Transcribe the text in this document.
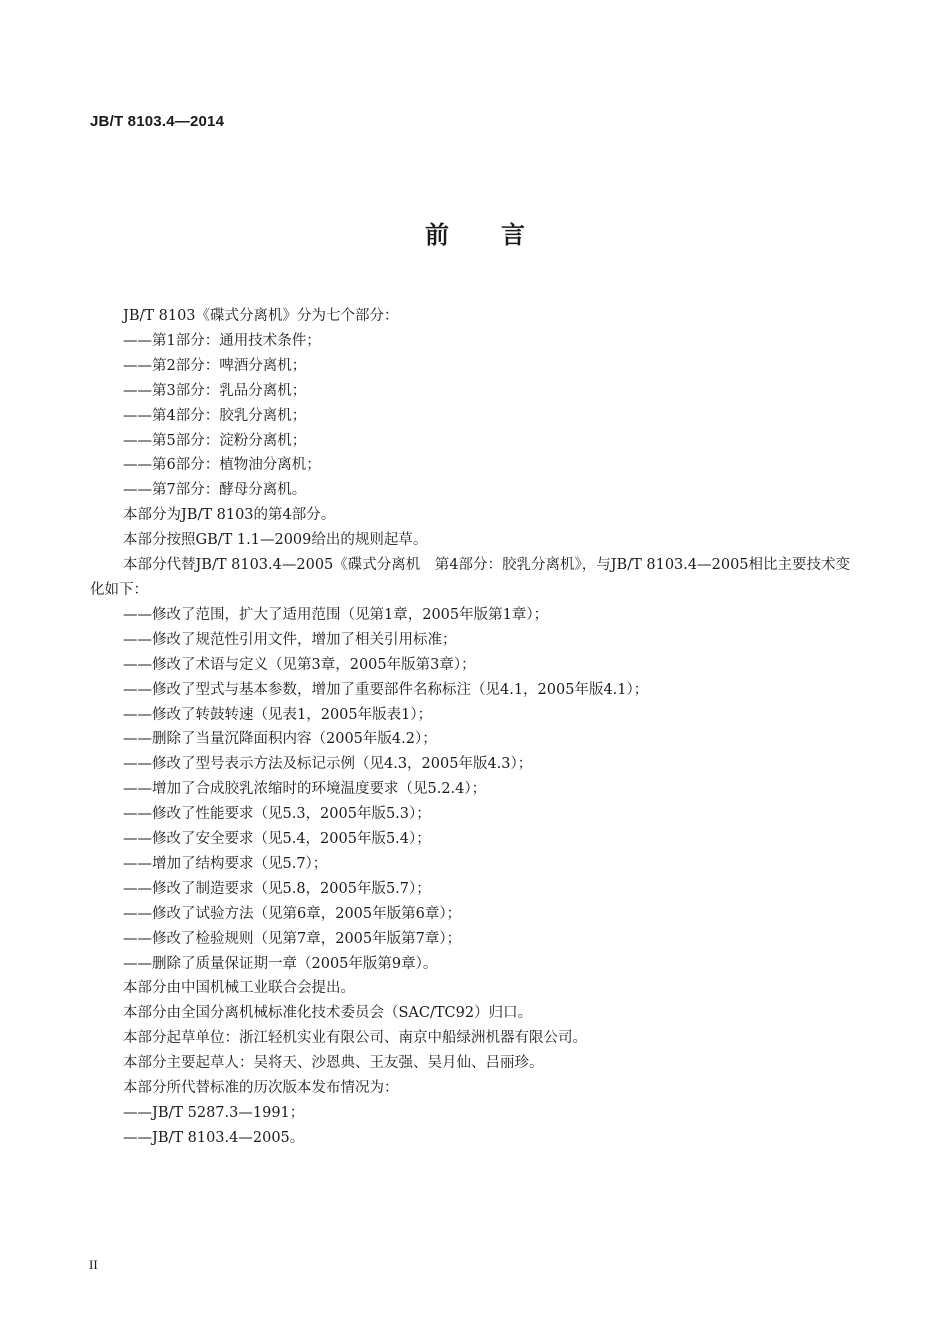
JB/T 8103.4—2014
前言

JB/T 8103《碟式分离机》分为七个部分：

——第1部分：通用技术条件；

——第2部分：啤酒分离机；

——第3部分：乳品分离机；

——第4部分：胶乳分离机；

——第5部分：淀粉分离机；

——第6部分：植物油分离机；

——第7部分：酵母分离机。

本部分为JB/T 8103的第4部分。

本部分按照GB/T 1.1—2009给出的规则起草。

本部分代替JB/T 8103.4—2005《碟式分离机　第4部分：胶乳分离机》，与JB/T 8103.4—2005相比主要技术变化如下：

——修改了范围，扩大了适用范围（见第1章，2005年版第1章）；

——修改了规范性引用文件，增加了相关引用标准；

——修改了术语与定义（见第3章，2005年版第3章）；

——修改了型式与基本参数，增加了重要部件名称标注（见4.1，2005年版4.1）；

——修改了转鼓转速（见表1，2005年版表1）；

——删除了当量沉降面积内容（2005年版4.2）；

——修改了型号表示方法及标记示例（见4.3，2005年版4.3）；

——增加了合成胶乳浓缩时的环境温度要求（见5.2.4）；

——修改了性能要求（见5.3，2005年版5.3）；

——修改了安全要求（见5.4，2005年版5.4）；

——增加了结构要求（见5.7）；

——修改了制造要求（见5.8，2005年版5.7）；

——修改了试验方法（见第6章，2005年版第6章）；

——修改了检验规则（见第7章，2005年版第7章）；

——删除了质量保证期一章（2005年版第9章）。

本部分由中国机械工业联合会提出。

本部分由全国分离机械标准化技术委员会（SAC/TC92）归口。

本部分起草单位：浙江轻机实业有限公司、南京中船绿洲机器有限公司。

本部分主要起草人：吴将天、沙恩典、王友强、吴月仙、吕丽珍。

本部分所代替标准的历次版本发布情况为：

——JB/T 5287.3—1991；

——JB/T 8103.4—2005。

II
